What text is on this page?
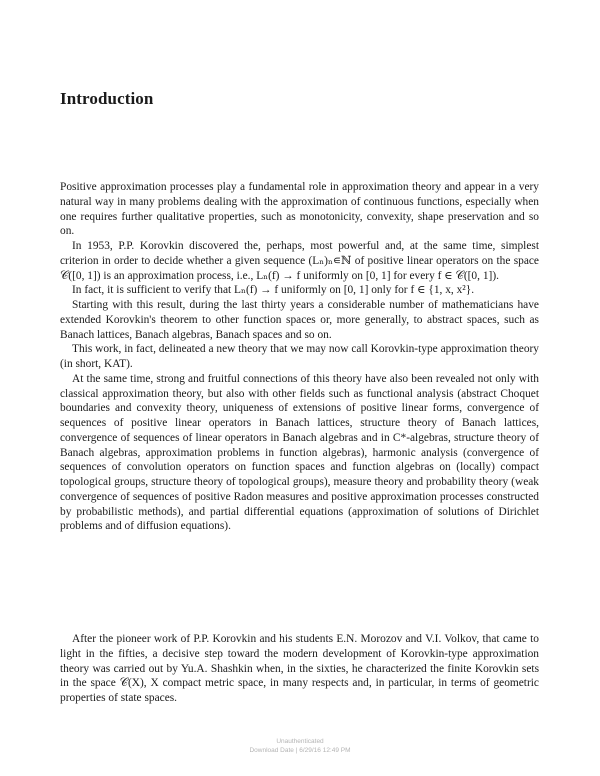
Introduction

Positive approximation processes play a fundamental role in approximation theory and appear in a very natural way in many problems dealing with the approximation of continuous functions, especially when one requires further qualitative properties, such as monotonicity, convexity, shape preservation and so on.

In 1953, P.P. Korovkin discovered the, perhaps, most powerful and, at the same time, simplest criterion in order to decide whether a given sequence (Lₙ)ₙ∊ℕ of positive linear operators on the space 𝒞([0, 1]) is an approximation process, i.e., Lₙ(f) → f uniformly on [0, 1] for every f ∈ 𝒞([0, 1]).

In fact, it is sufficient to verify that Lₙ(f) → f uniformly on [0, 1] only for f ∈ {1, x, x²}.

Starting with this result, during the last thirty years a considerable number of mathematicians have extended Korovkin's theorem to other function spaces or, more generally, to abstract spaces, such as Banach lattices, Banach algebras, Banach spaces and so on.

This work, in fact, delineated a new theory that we may now call Korovkin-type approximation theory (in short, KAT).

At the same time, strong and fruitful connections of this theory have also been revealed not only with classical approximation theory, but also with other fields such as functional analysis (abstract Choquet boundaries and convexity theory, uniqueness of extensions of positive linear forms, convergence of sequences of positive linear operators in Banach lattices, structure theory of Banach lattices, convergence of sequences of linear operators in Banach algebras and in C*-algebras, structure theory of Banach algebras, approximation problems in function algebras), harmonic analysis (convergence of sequences of convolution operators on function spaces and function algebras on (locally) compact topological groups, structure theory of topological groups), measure theory and probability theory (weak convergence of sequences of positive Radon measures and positive approximation processes constructed by probabilistic methods), and partial differential equations (approximation of solutions of Dirichlet problems and of diffusion equations).

After the pioneer work of P.P. Korovkin and his students E.N. Morozov and V.I. Volkov, that came to light in the fifties, a decisive step toward the modern development of Korovkin-type approximation theory was carried out by Yu.A. Shashkin when, in the sixties, he characterized the finite Korovkin sets in the space 𝒞(X), X compact metric space, in many respects and, in particular, in terms of geometric properties of state spaces.

Unauthenticated
Download Date | 6/29/16 12:49 PM
